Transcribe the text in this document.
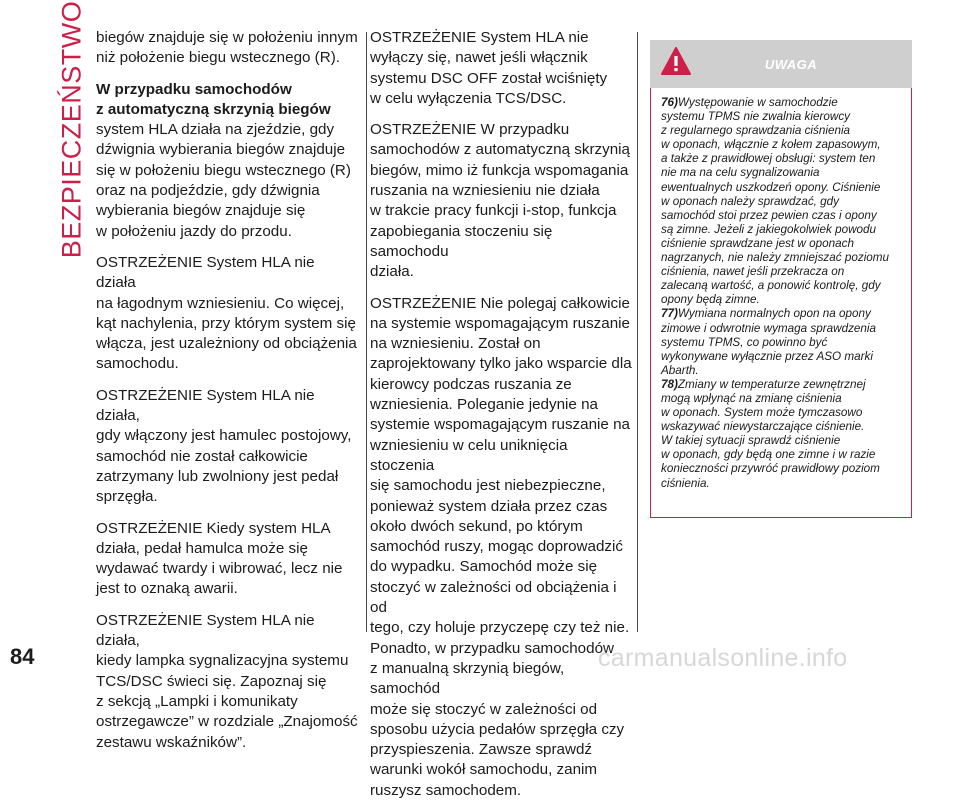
BEZPIECZEŃSTWO biegów znajduje się w położeniu innym
niż położenie biegu wstecznego (R).

W przypadku samochodów
z automatyczną skrzynią biegów

system HLA działa na zjeździe, gdy
dźwignia wybierania biegów znajduje
się w położeniu biegu wstecznego (R)
oraz na podjeździe, gdy dźwignia
wybierania biegów znajduje się
w położeniu jazdy do przodu.

OSTRZEŻENIE System HLA nie działa
na łagodnym wzniesieniu. Co więcej,
kąt nachylenia, przy którym system się
włącza, jest uzależniony od obciążenia
samochodu.

OSTRZEŻENIE System HLA nie działa,
gdy włączony jest hamulec postojowy,
samochód nie został całkowicie
zatrzymany lub zwolniony jest pedał
sprzęgła.

OSTRZEŻENIE Kiedy system HLA
działa, pedał hamulca może się
wydawać twardy i wibrować, lecz nie
jest to oznaką awarii.

OSTRZEŻENIE System HLA nie działa,
kiedy lampka sygnalizacyjna systemu
TCS/DSC świeci się. Zapoznaj się
z sekcją „Lampki i komunikaty
ostrzegawcze” w rozdziale „Znajomość
zestawu wskaźników”.

OSTRZEŻENIE System HLA nie
wyłączy się, nawet jeśli włącznik
systemu DSC OFF został wciśnięty
w celu wyłączenia TCS/DSC.

OSTRZEŻENIE W przypadku
samochodów z automatyczną skrzynią
biegów, mimo iż funkcja wspomagania
ruszania na wzniesieniu nie działa
w trakcie pracy funkcji i-stop, funkcja
zapobiegania stoczeniu się samochodu
działa.

OSTRZEŻENIE Nie polegaj całkowicie
na systemie wspomagającym ruszanie
na wzniesieniu. Został on
zaprojektowany tylko jako wsparcie dla
kierowcy podczas ruszania ze
wzniesienia. Poleganie jedynie na
systemie wspomagającym ruszanie na
wzniesieniu w celu uniknięcia stoczenia
się samochodu jest niebezpieczne,
ponieważ system działa przez czas
około dwóch sekund, po którym
samochód ruszy, mogąc doprowadzić
do wypadku. Samochód może się
stoczyć w zależności od obciążenia i od
tego, czy holuje przyczepę czy też nie.
Ponadto, w przypadku samochodów
z manualną skrzynią biegów, samochód
może się stoczyć w zależności od
sposobu użycia pedałów sprzęgła czy
przyspieszenia. Zawsze sprawdź
warunki wokół samochodu, zanim
ruszysz samochodem.

UWAGA
76)Występowanie w samochodzie
systemu TPMS nie zwalnia kierowcy
z regularnego sprawdzania ciśnienia
w oponach, włącznie z kołem zapasowym,
a także z prawidłowej obsługi: system ten
nie ma na celu sygnalizowania
ewentualnych uszkodzeń opony. Ciśnienie
w oponach należy sprawdzać, gdy
samochód stoi przez pewien czas i opony
są zimne. Jeżeli z jakiegokolwiek powodu
ciśnienie sprawdzane jest w oponach
nagrzanych, nie należy zmniejszać poziomu
ciśnienia, nawet jeśli przekracza on
zalecaną wartość, a ponowić kontrolę, gdy
opony będą zimne.
77)Wymiana normalnych opon na opony
zimowe i odwrotnie wymaga sprawdzenia
systemu TPMS, co powinno być
wykonywane wyłącznie przez ASO marki
Abarth.
78)Zmiany w temperaturze zewnętrznej
mogą wpłynąć na zmianę ciśnienia
w oponach. System może tymczasowo
wskazywać niewystarczające ciśnienie.
W takiej sytuacji sprawdź ciśnienie
w oponach, gdy będą one zimne i w razie
konieczności przywróć prawidłowy poziom
ciśnienia.
84	carmanualsonline.info
